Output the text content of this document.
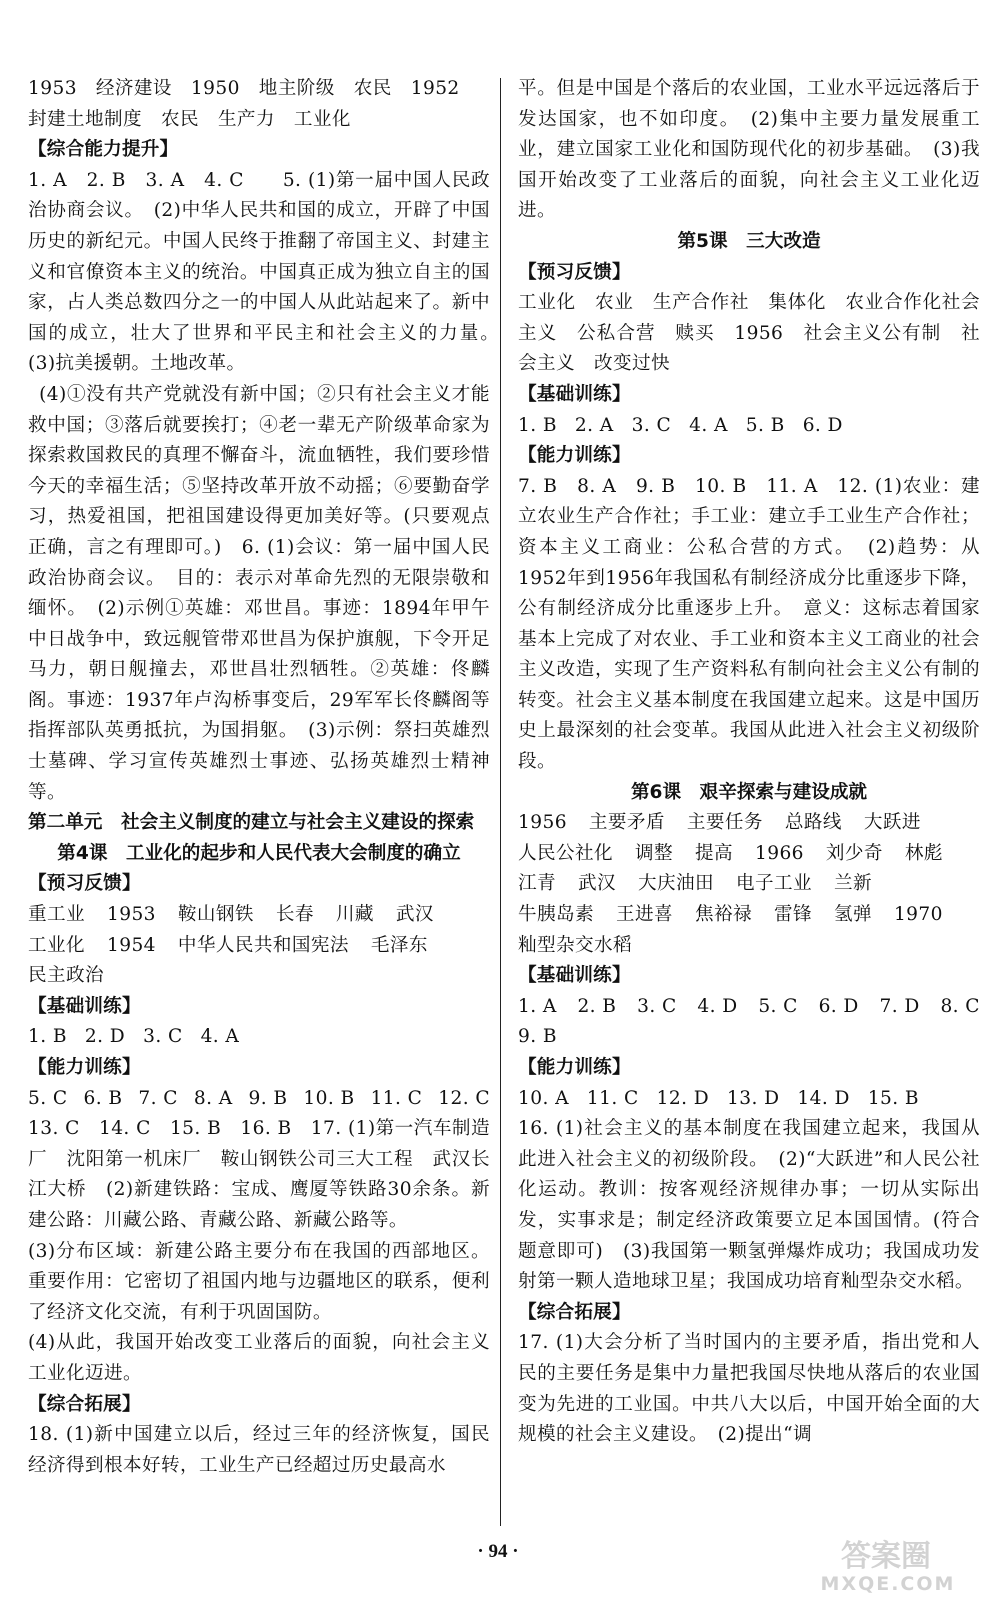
1953　经济建设　1950　地主阶级　农民　1952
封建土地制度　农民　生产力　工业化
【综合能力提升】
1. A　2. B　3. A　4. C　　5. (1)第一届中国人民政治协商会议。　(2)中华人民共和国的成立，开辟了中国历史的新纪元。中国人民终于推翻了帝国主义、封建主义和官僚资本主义的统治。中国真正成为独立自主的国家，占人类总数四分之一的中国人从此站起来了。新中国的成立，壮大了世界和平民主和社会主义的力量。　(3)抗美援朝。土地改革。
(4)①没有共产党就没有新中国；②只有社会主义才能救中国；③落后就要挨打；④老一辈无产阶级革命家为探索救国救民的真理不懈奋斗，流血牺牲，我们要珍惜今天的幸福生活；⑤坚持改革开放不动摇；⑥要勤奋学习，热爱祖国，把祖国建设得更加美好等。(只要观点正确，言之有理即可。)　6. (1)会议：第一届中国人民政治协商会议。　目的：表示对革命先烈的无限崇敬和缅怀。　(2)示例①英雄：邓世昌。事迹：1894年甲午中日战争中，致远舰管带邓世昌为保护旗舰，下令开足马力，朝日舰撞去，邓世昌壮烈牺牲。②英雄：佟麟阁。事迹：1937年卢沟桥事变后，29军军长佟麟阁等指挥部队英勇抵抗，为国捐躯。　(3)示例：祭扫英雄烈士墓碑、学习宣传英雄烈士事迹、弘扬英雄烈士精神等。
第二单元　社会主义制度的建立与社会主义建设的探索
第4课　工业化的起步和人民代表大会制度的确立
【预习反馈】
重工业 1953 鞍山钢铁 长春 川藏 武汉
工业化 1954 中华人民共和国宪法 毛泽东
民主政治
【基础训练】
1. B 2. D 3. C 4. A
【能力训练】
5. C 6. B 7. C 8. A 9. B 10. B 11. C 12. C
13. C　14. C　15. B　16. B　17. (1)第一汽车制造厂　沈阳第一机床厂　鞍山钢铁公司三大工程　武汉长江大桥　(2)新建铁路：宝成、鹰厦等铁路30余条。新建公路：川藏公路、青藏公路、新藏公路等。
(3)分布区域：新建公路主要分布在我国的西部地区。重要作用：它密切了祖国内地与边疆地区的联系，便利了经济文化交流，有利于巩固国防。
(4)从此，我国开始改变工业落后的面貌，向社会主义工业化迈进。
【综合拓展】
18. (1)新中国建立以后，经过三年的经济恢复，国民经济得到根本好转，工业生产已经超过历史最高水
平。但是中国是个落后的农业国，工业水平远远落后于发达国家，也不如印度。　(2)集中主要力量发展重工业，建立国家工业化和国防现代化的初步基础。　(3)我国开始改变了工业落后的面貌，向社会主义工业化迈进。
第5课　三大改造
【预习反馈】
工业化　农业　生产合作社　集体化　农业合作化社会主义　公私合营　赎买　1956　社会主义公有制　社会主义　改变过快
【基础训练】
1. B 2. A 3. C 4. A 5. B 6. D
【能力训练】
7. B　8. A　9. B　10. B　11. A　12. (1)农业：建立农业生产合作社；手工业：建立手工业生产合作社；资本主义工商业：公私合营的方式。　(2)趋势：从1952年到1956年我国私有制经济成分比重逐步下降，公有制经济成分比重逐步上升。　意义：这标志着国家基本上完成了对农业、手工业和资本主义工商业的社会主义改造，实现了生产资料私有制向社会主义公有制的转变。社会主义基本制度在我国建立起来。这是中国历史上最深刻的社会变革。我国从此进入社会主义初级阶段。
第6课　艰辛探索与建设成就
1956 主要矛盾 主要任务 总路线 大跃进
人民公社化 调整 提高 1966 刘少奇 林彪
江青 武汉 大庆油田 电子工业 兰新
牛胰岛素 王进喜 焦裕禄 雷锋 氢弹 1970
籼型杂交水稻
【基础训练】
1. A 2. B 3. C 4. D 5. C 6. D 7. D 8. C
9. B
【能力训练】
10. A 11. C 12. D 13. D 14. D 15. B
16. (1)社会主义的基本制度在我国建立起来，我国从此进入社会主义的初级阶段。　(2)“大跃进”和人民公社化运动。教训：按客观经济规律办事；一切从实际出发，实事求是；制定经济政策要立足本国国情。(符合题意即可)　(3)我国第一颗氢弹爆炸成功；我国成功发射第一颗人造地球卫星；我国成功培育籼型杂交水稻。
【综合拓展】
17. (1)大会分析了当时国内的主要矛盾，指出党和人民的主要任务是集中力量把我国尽快地从落后的农业国变为先进的工业国。中共八大以后，中国开始全面的大规模的社会主义建设。　(2)提出“调
· 94 ·	答案圈
MXQE.COM
